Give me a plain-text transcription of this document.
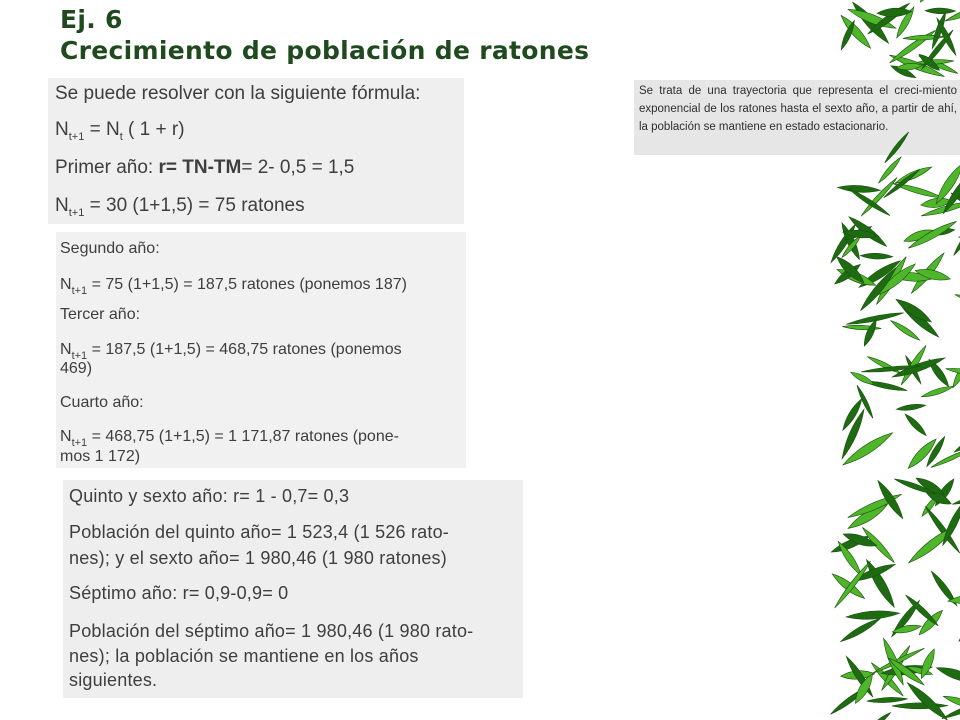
Ej. 6
Crecimiento de población de ratones

Se puede resolver con la siguiente fórmula:

$N_{t+1} = N_t$ ( 1 + r)

Primer año: r= TN-TM= 2- 0,5 = 1,5

$N_{t+1} = 30$ (1+1,5) = 75 ratones

Segundo año:

$N_{t+1} = 75$ (1+1,5) = 187,5 ratones (ponemos 187)

Tercer año:

$N_{t+1} = 187,5$ (1+1,5) = 468,75 ratones (ponemos

469)

Cuarto año:

$N_{t+1} = 468,75$ (1+1,5) = 1 171,87 ratones (pone-

mos 1 172)

Quinto y sexto año: r= 1 - 0,7= 0,3

Población del quinto año= 1 523,4 (1 526 rato-

nes); y el sexto año= 1 980,46 (1 980 ratones)

Séptimo año: r= 0,9-0,9= 0

Población del séptimo año= 1 980,46 (1 980 rato-

nes); la población se mantiene en los años

siguientes.

Se trata de una trayectoria que representa el creci-miento exponencial de los ratones hasta el sexto año, a partir de ahí, la población se mantiene en estado estacionario.
